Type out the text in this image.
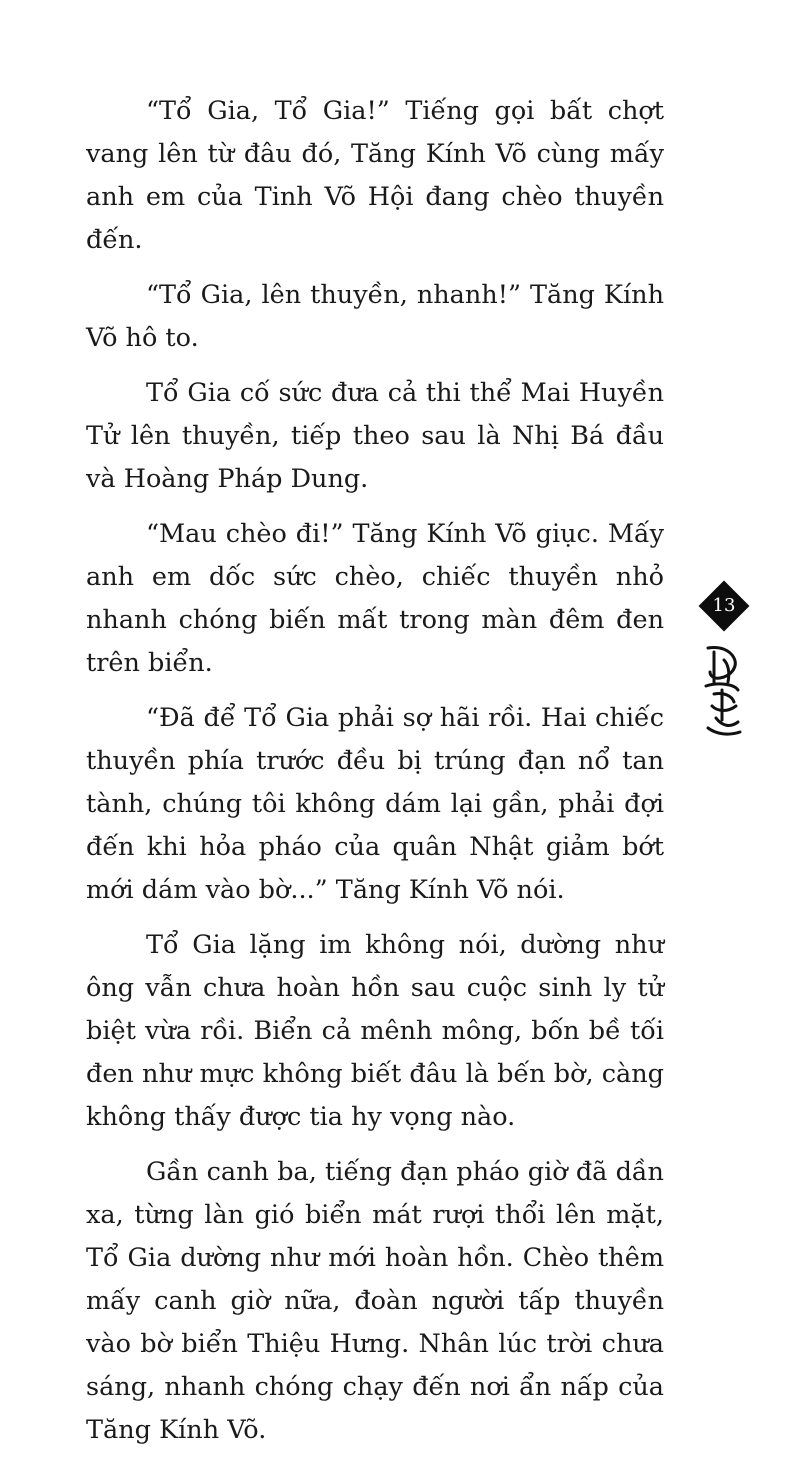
“Tổ Gia, Tổ Gia!” Tiếng gọi bất chợt vang lên từ đâu đó, Tăng Kính Võ cùng mấy anh em của Tinh Võ Hội đang chèo thuyền đến.

“Tổ Gia, lên thuyền, nhanh!” Tăng Kính Võ hô to.

Tổ Gia cố sức đưa cả thi thể Mai Huyền Tử lên thuyền, tiếp theo sau là Nhị Bá đầu và Hoàng Pháp Dung.

“Mau chèo đi!” Tăng Kính Võ giục. Mấy anh em dốc sức chèo, chiếc thuyền nhỏ nhanh chóng biến mất trong màn đêm đen trên biển.

“Đã để Tổ Gia phải sợ hãi rồi. Hai chiếc thuyền phía trước đều bị trúng đạn nổ tan tành, chúng tôi không dám lại gần, phải đợi đến khi hỏa pháo của quân Nhật giảm bớt mới dám vào bờ...” Tăng Kính Võ nói.

Tổ Gia lặng im không nói, dường như ông vẫn chưa hoàn hồn sau cuộc sinh ly tử biệt vừa rồi. Biển cả mênh mông, bốn bề tối đen như mực không biết đâu là bến bờ, càng không thấy được tia hy vọng nào.

Gần canh ba, tiếng đạn pháo giờ đã dần xa, từng làn gió biển mát rượi thổi lên mặt, Tổ Gia dường như mới hoàn hồn. Chèo thêm mấy canh giờ nữa, đoàn người tấp thuyền vào bờ biển Thiệu Hưng. Nhân lúc trời chưa sáng, nhanh chóng chạy đến nơi ẩn nấp của Tăng Kính Võ.

13
